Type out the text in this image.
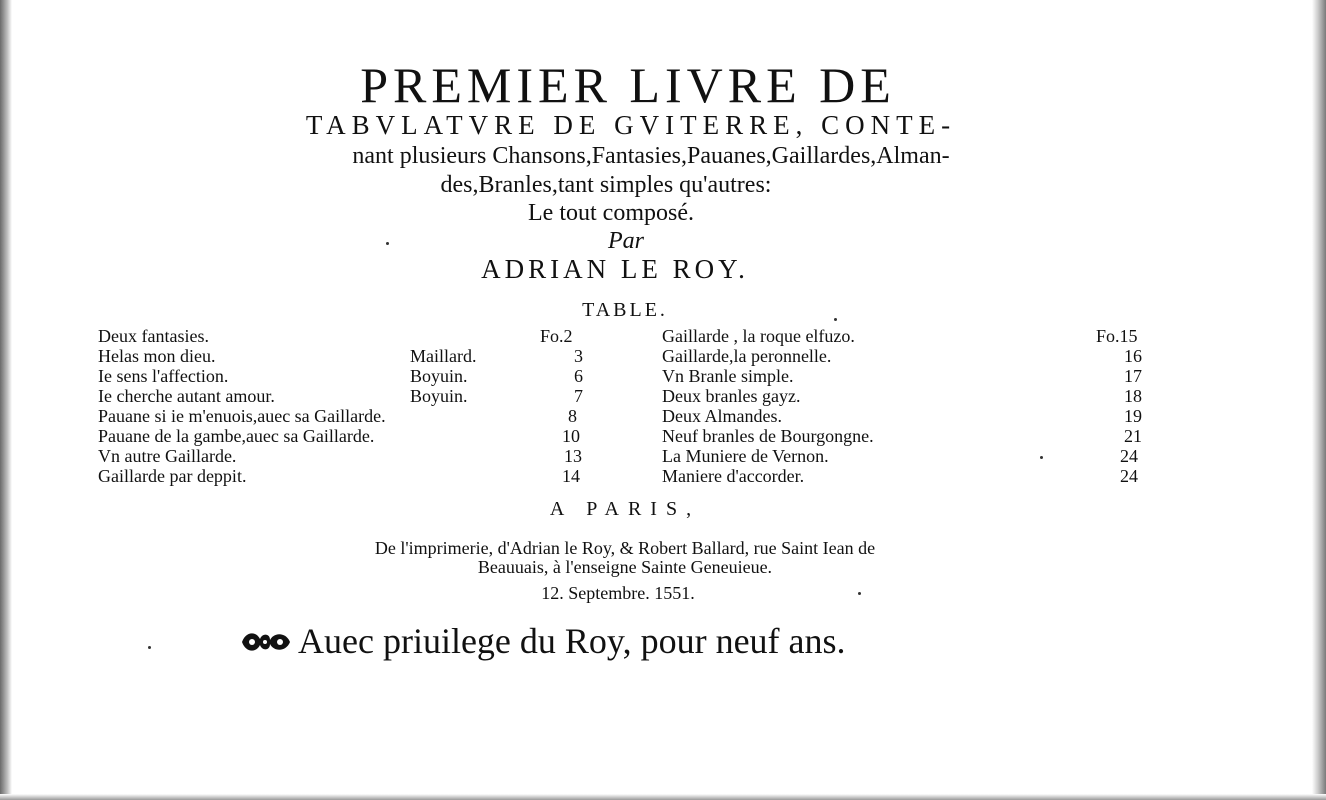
PREMIER LIVRE DE
TABVLATVRE DE GVITERRE, CONTE-
nant plusieurs Chansons,Fantasies,Pauanes,Gaillardes,Alman-
des,Branles,tant simples qu'autres:
Le tout composé.
Par
ADRIAN LE ROY.
TABLE.
Deux fantasies.	Fo.2
Helas mon dieu.	Maillard.	3
Ie sens l'affection.	Boyuin.	6
Ie cherche autant amour.	Boyuin.	7
Pauane si ie m'enuois,auec sa Gaillarde.	8
Pauane de la gambe,auec sa Gaillarde.	10
Vn autre Gaillarde.	13
Gaillarde par deppit.	14
Gaillarde , la roque elfuzo.	Fo.15
Gaillarde,la peronnelle.	16
Vn Branle simple.	17
Deux branles gayz.	18
Deux Almandes.	19
Neuf branles de Bourgongne.	21
La Muniere de Vernon.	24
Maniere d'accorder.	24
A PARIS,
De l'imprimerie, d'Adrian le Roy, & Robert Ballard, rue Saint Iean de
Beauuais, à l'enseigne Sainte Geneuieue.
12. Septembre. 1551.
Auec priuilege du Roy, pour neuf ans.
